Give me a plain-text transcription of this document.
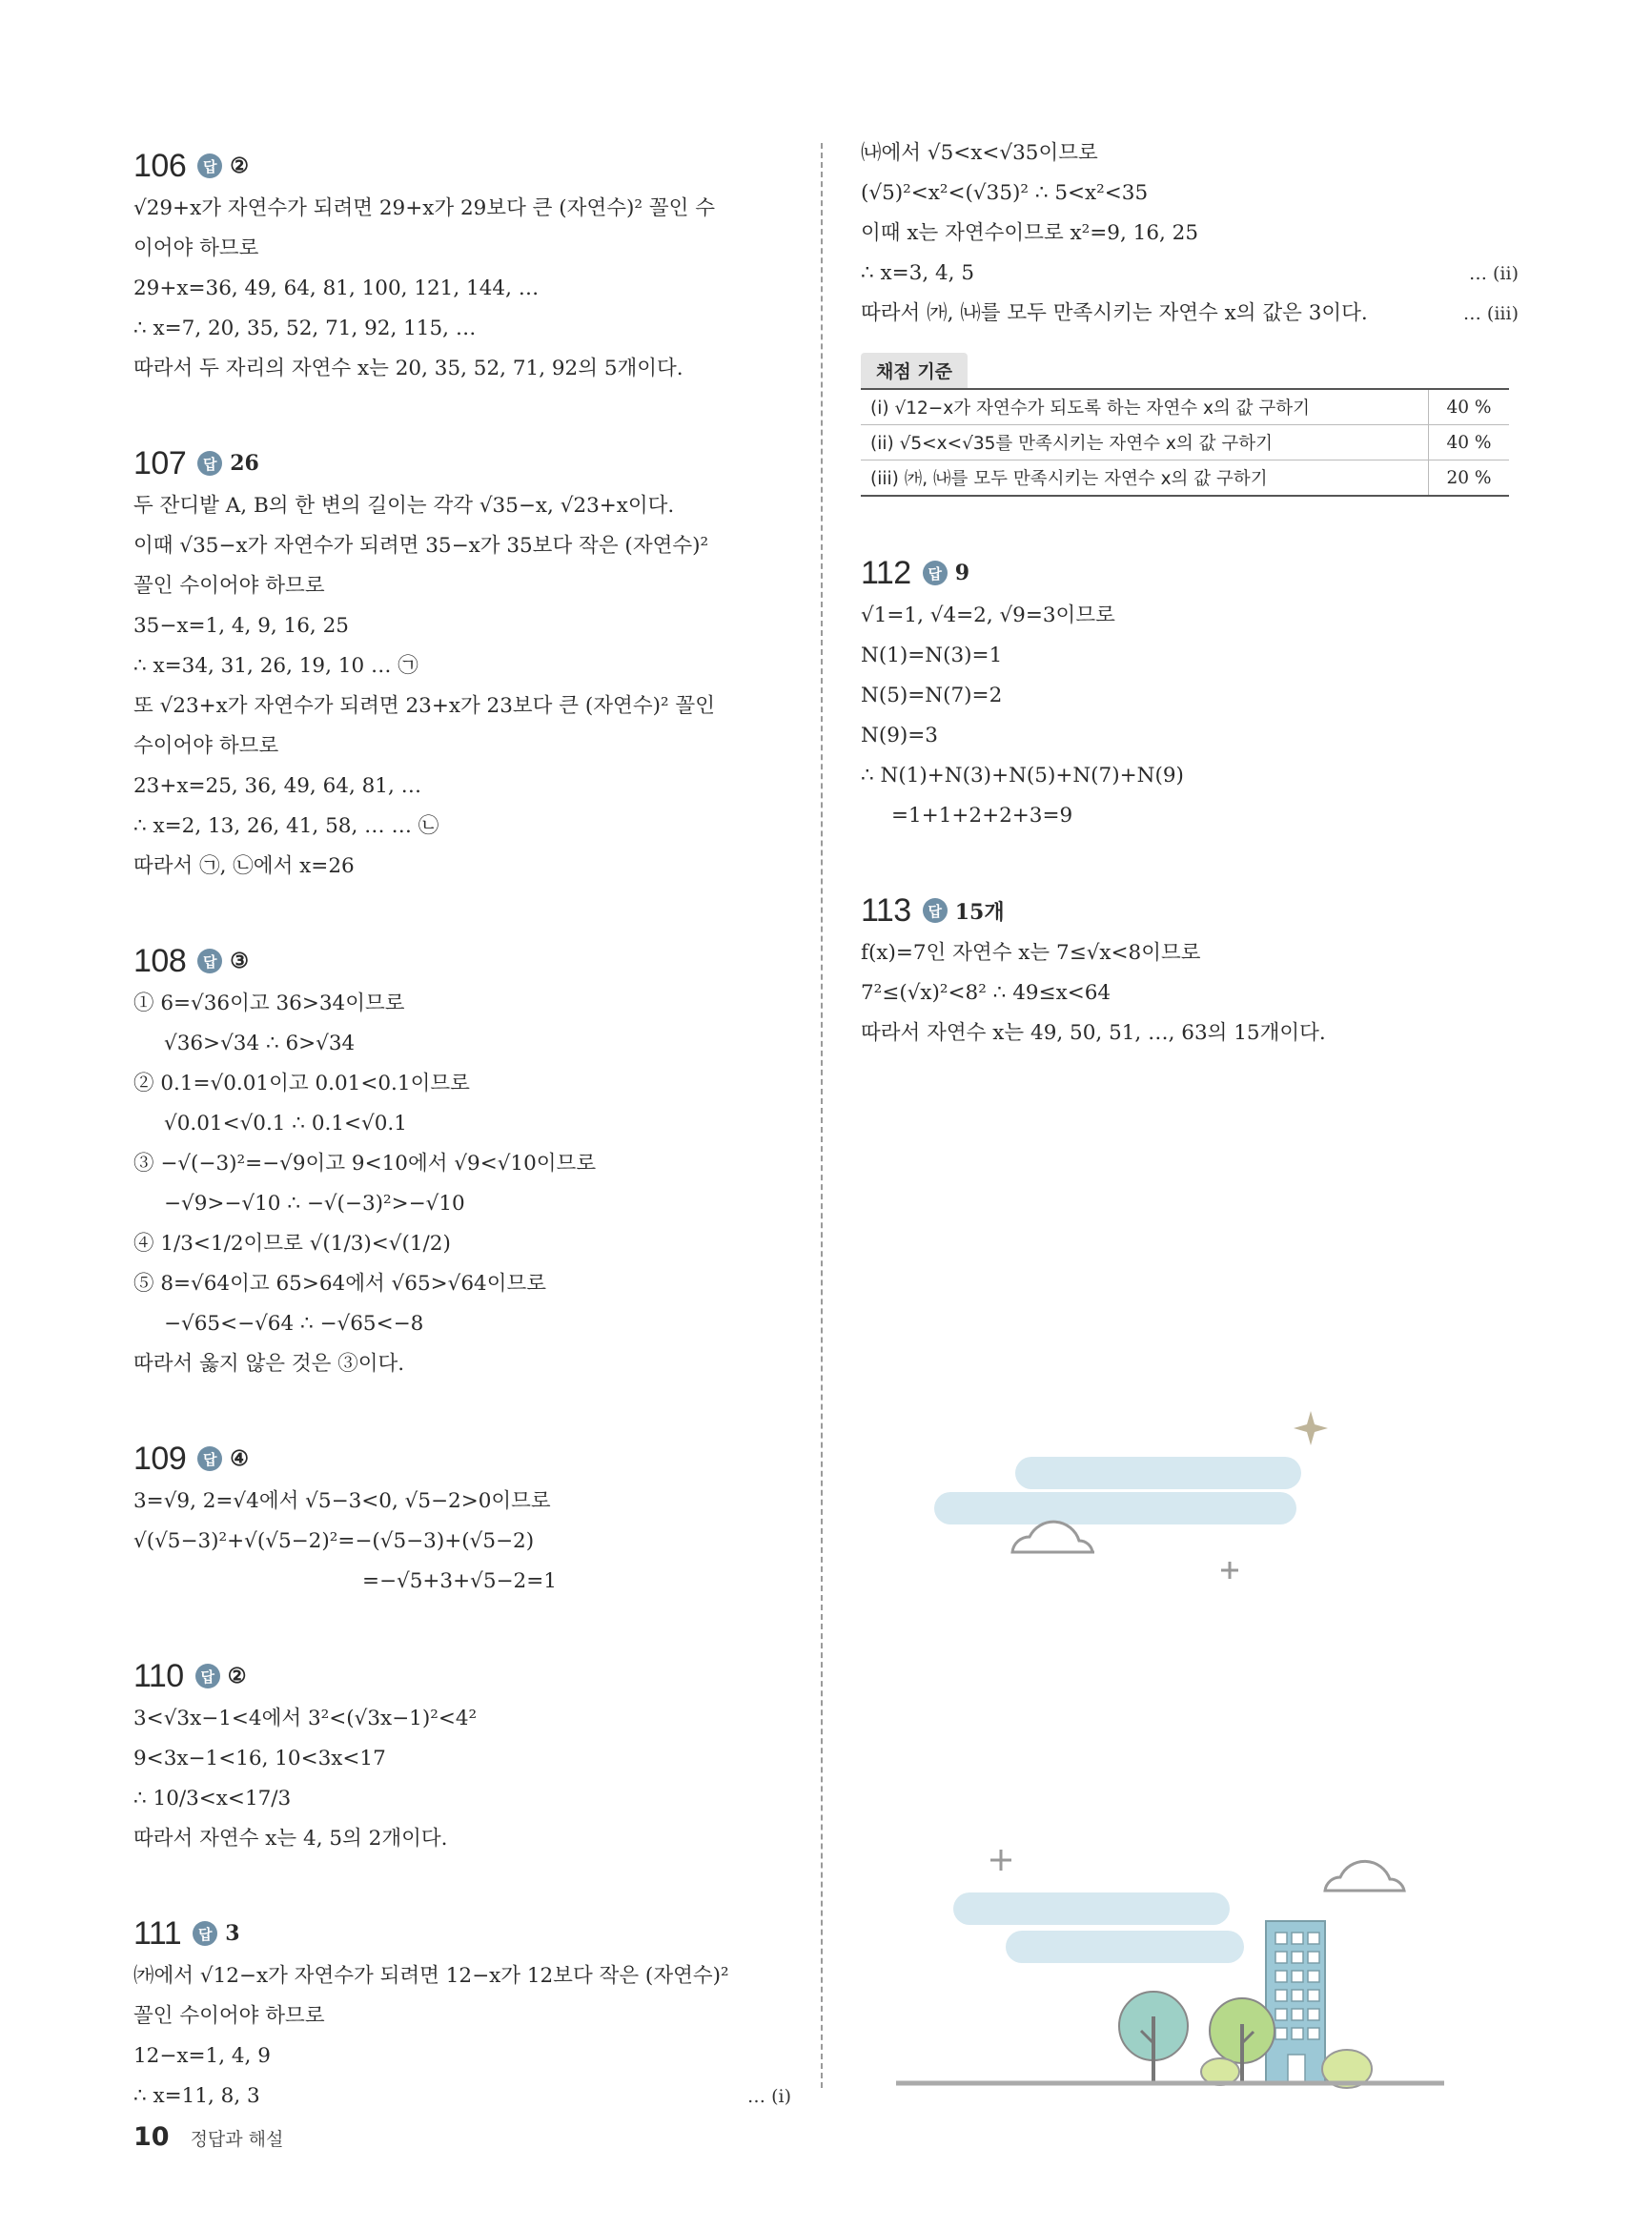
106	답 ②
√29+x가 자연수가 되려면 29+x가 29보다 큰 (자연수)² 꼴인 수
이어야 하므로
29+x=36, 49, 64, 81, 100, 121, 144, …
∴ x=7, 20, 35, 52, 71, 92, 115, …
따라서 두 자리의 자연수 x는 20, 35, 52, 71, 92의 5개이다.
107	답 26
두 잔디밭 A, B의 한 변의 길이는 각각 √35−x, √23+x이다.
이때 √35−x가 자연수가 되려면 35−x가 35보다 작은 (자연수)²
꼴인 수이어야 하므로
35−x=1, 4, 9, 16, 25
∴ x=34, 31, 26, 19, 10 … ㉠
또 √23+x가 자연수가 되려면 23+x가 23보다 큰 (자연수)² 꼴인
수이어야 하므로
23+x=25, 36, 49, 64, 81, …
∴ x=2, 13, 26, 41, 58, … … ㉡
따라서 ㉠, ㉡에서 x=26
108	답 ③
① 6=√36이고 36>34이므로
√36>√34 ∴ 6>√34
② 0.1=√0.01이고 0.01<0.1이므로
√0.01<√0.1 ∴ 0.1<√0.1
③ −√(−3)²=−√9이고 9<10에서 √9<√10이므로
−√9>−√10 ∴ −√(−3)²>−√10
④ 1/3<1/2이므로 √(1/3)<√(1/2)
⑤ 8=√64이고 65>64에서 √65>√64이므로
−√65<−√64 ∴ −√65<−8
따라서 옳지 않은 것은 ③이다.
109	답 ④
3=√9, 2=√4에서 √5−3<0, √5−2>0이므로
√(√5−3)²+√(√5−2)²=−(√5−3)+(√5−2)
=−√5+3+√5−2=1
110	답 ②
3<√3x−1<4에서 3²<(√3x−1)²<4²
9<3x−1<16, 10<3x<17
∴ 10/3<x<17/3
따라서 자연수 x는 4, 5의 2개이다.
111	답 3
㈎에서 √12−x가 자연수가 되려면 12−x가 12보다 작은 (자연수)²
꼴인 수이어야 하므로
12−x=1, 4, 9
∴ x=11, 8, 3	… (i)
㈏에서 √5<x<√35이므로
(√5)²<x²<(√35)² ∴ 5<x²<35
이때 x는 자연수이므로 x²=9, 16, 25
∴ x=3, 4, 5	… (ii)
따라서 ㈎, ㈏를 모두 만족시키는 자연수 x의 값은 3이다.	… (iii)
채점 기준
(i) √12−x가 자연수가 되도록 하는 자연수 x의 값 구하기	40 %
(ii) √5<x<√35를 만족시키는 자연수 x의 값 구하기	40 %
(iii) ㈎, ㈏를 모두 만족시키는 자연수 x의 값 구하기	20 %
112	답 9
√1=1, √4=2, √9=3이므로
N(1)=N(3)=1
N(5)=N(7)=2
N(9)=3
∴ N(1)+N(3)+N(5)+N(7)+N(9)
=1+1+2+2+3=9
113	답 15개
f(x)=7인 자연수 x는 7≤√x<8이므로
7²≤(√x)²<8² ∴ 49≤x<64
따라서 자연수 x는 49, 50, 51, …, 63의 15개이다.
10 정답과 해설
